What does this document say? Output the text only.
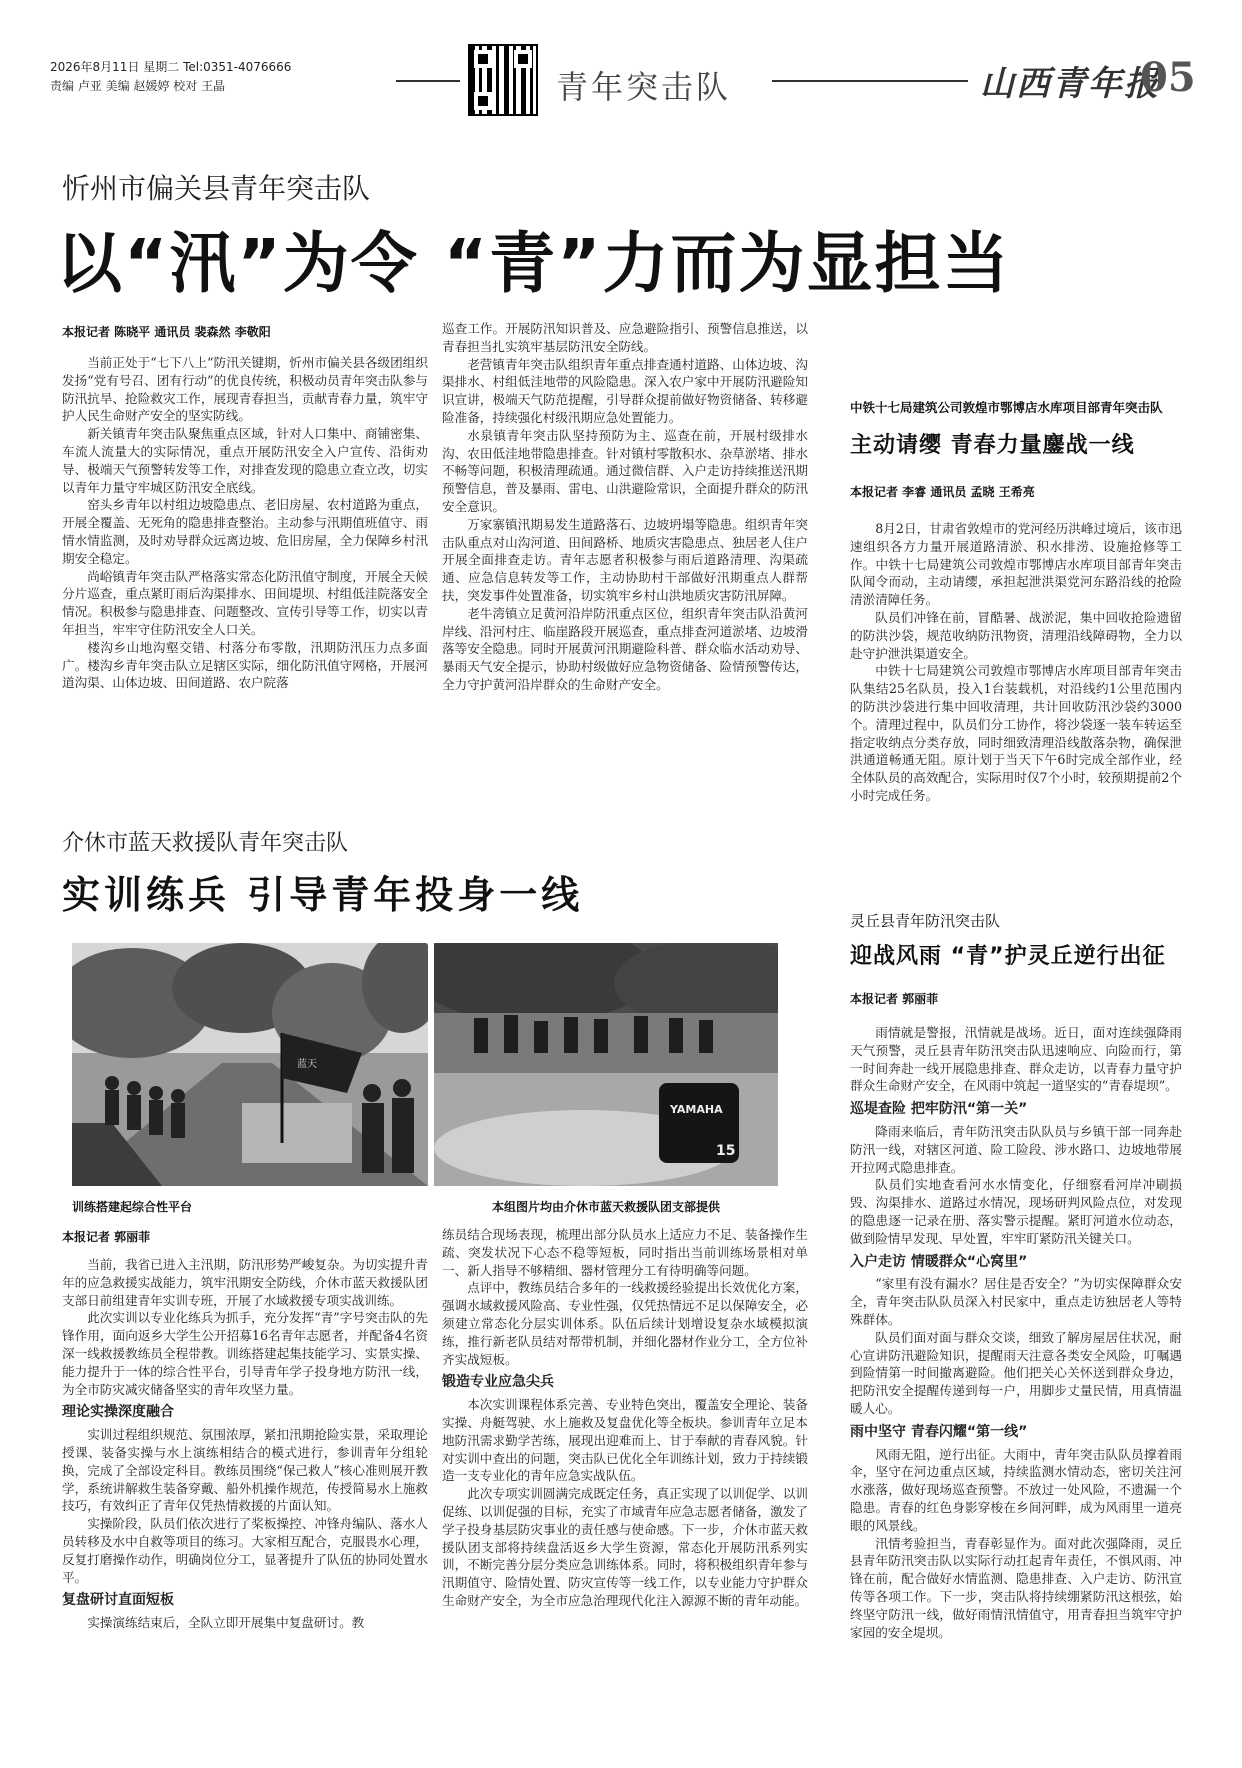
2026年8月11日 星期二 Tel:0351-4076666
责编 卢亚 美编 赵媛婷 校对 王晶	青年突击队	山西青年报
05
忻州市偏关县青年突击队
以“汛”为令 “青”力而为显担当
本报记者 陈晓平 通讯员 裴森然 李敬阳

当前正处于“七下八上”防汛关键期，忻州市偏关县各级团组织发扬“党有号召、团有行动”的优良传统，积极动员青年突击队参与防汛抗旱、抢险救灾工作，展现青春担当，贡献青春力量，筑牢守护人民生命财产安全的坚实防线。

新关镇青年突击队聚焦重点区域，针对人口集中、商铺密集、车流人流量大的实际情况，重点开展防汛安全入户宣传、沿街劝导、极端天气预警转发等工作，对排查发现的隐患立查立改，切实以青年力量守牢城区防汛安全底线。

窑头乡青年以村组边坡隐患点、老旧房屋、农村道路为重点，开展全覆盖、无死角的隐患排查整治。主动参与汛期值班值守、雨情水情监测，及时劝导群众远离边坡、危旧房屋，全力保障乡村汛期安全稳定。

尚峪镇青年突击队严格落实常态化防汛值守制度，开展全天候分片巡查，重点紧盯雨后沟渠排水、田间堤坝、村组低洼院落安全情况。积极参与隐患排查、问题整改、宣传引导等工作，切实以青年担当，牢牢守住防汛安全人口关。

楼沟乡山地沟壑交错、村落分布零散，汛期防汛压力点多面广。楼沟乡青年突击队立足辖区实际，细化防汛值守网格，开展河道沟渠、山体边坡、田间道路、农户院落

巡查工作。开展防汛知识普及、应急避险指引、预警信息推送，以青春担当扎实筑牢基层防汛安全防线。

老营镇青年突击队组织青年重点排查通村道路、山体边坡、沟渠排水、村组低洼地带的风险隐患。深入农户家中开展防汛避险知识宣讲，极端天气防范提醒，引导群众提前做好物资储备、转移避险准备，持续强化村级汛期应急处置能力。

水泉镇青年突击队坚持预防为主、巡查在前，开展村级排水沟、农田低洼地带隐患排查。针对镇村零散积水、杂草淤堵、排水不畅等问题，积极清理疏通。通过微信群、入户走访持续推送汛期预警信息，普及暴雨、雷电、山洪避险常识，全面提升群众的防汛安全意识。

万家寨镇汛期易发生道路落石、边坡坍塌等隐患。组织青年突击队重点对山沟河道、田间路桥、地质灾害隐患点、独居老人住户开展全面排查走访。青年志愿者积极参与雨后道路清理、沟渠疏通、应急信息转发等工作，主动协助村干部做好汛期重点人群帮扶，突发事件处置准备，切实筑牢乡村山洪地质灾害防汛屏障。

老牛湾镇立足黄河沿岸防汛重点区位，组织青年突击队沿黄河岸线、沿河村庄、临崖路段开展巡查，重点排查河道淤堵、边坡滑落等安全隐患。同时开展黄河汛期避险科普、群众临水活动劝导、暴雨天气安全提示，协助村级做好应急物资储备、险情预警传达，全力守护黄河沿岸群众的生命财产安全。

中铁十七局建筑公司敦煌市鄂博店水库项目部青年突击队
主动请缨 青春力量鏖战一线
本报记者 李睿 通讯员 孟晓 王希亮

8月2日，甘肃省敦煌市的党河经历洪峰过境后，该市迅速组织各方力量开展道路清淤、积水排涝、设施抢修等工作。中铁十七局建筑公司敦煌市鄂博店水库项目部青年突击队闻令而动，主动请缨，承担起泄洪渠党河东路沿线的抢险清淤清障任务。

队员们冲锋在前，冒酷暑、战淤泥，集中回收抢险遗留的防洪沙袋，规范收纳防汛物资，清理沿线障碍物，全力以赴守护泄洪渠道安全。

中铁十七局建筑公司敦煌市鄂博店水库项目部青年突击队集结25名队员，投入1台装载机，对沿线约1公里范围内的防洪沙袋进行集中回收清理，共计回收防汛沙袋约3000个。清理过程中，队员们分工协作，将沙袋逐一装车转运至指定收纳点分类存放，同时细致清理沿线散落杂物，确保泄洪通道畅通无阻。原计划于当天下午6时完成全部作业，经全体队员的高效配合，实际用时仅7个小时，较预期提前2个小时完成任务。

介休市蓝天救援队青年突击队
实训练兵 引导青年投身一线
蓝天
YAMAHA
15
训练搭建起综合性平台	本组图片均由介休市蓝天救援队团支部提供
本报记者 郭丽菲

当前，我省已进入主汛期，防汛形势严峻复杂。为切实提升青年的应急救援实战能力，筑牢汛期安全防线，介休市蓝天救援队团支部日前组建青年实训专班，开展了水域救援专项实战训练。

此次实训以专业化练兵为抓手，充分发挥“青”字号突击队的先锋作用，面向返乡大学生公开招募16名青年志愿者，并配备4名资深一线救援教练员全程带教。训练搭建起集技能学习、实景实操、能力提升于一体的综合性平台，引导青年学子投身地方防汛一线，为全市防灾减灾储备坚实的青年攻坚力量。

理论实操深度融合

实训过程组织规范、氛围浓厚，紧扣汛期抢险实景，采取理论授课、装备实操与水上演练相结合的模式进行，参训青年分组轮换，完成了全部设定科目。教练员围绕“保己救人”核心准则展开教学，系统讲解救生装备穿戴、船外机操作规范，传授简易水上施救技巧，有效纠正了青年仅凭热情救援的片面认知。

实操阶段，队员们依次进行了桨板操控、冲锋舟编队、落水人员转移及水中自救等项目的练习。大家相互配合，克服畏水心理，反复打磨操作动作，明确岗位分工，显著提升了队伍的协同处置水平。

复盘研讨直面短板

实操演练结束后，全队立即开展集中复盘研讨。教

练员结合现场表现，梳理出部分队员水上适应力不足、装备操作生疏、突发状况下心态不稳等短板，同时指出当前训练场景相对单一、新人指导不够精细、器材管理分工有待明确等问题。

点评中，教练员结合多年的一线救援经验提出长效优化方案，强调水域救援风险高、专业性强，仅凭热情远不足以保障安全，必须建立常态化分层实训体系。队伍后续计划增设复杂水域模拟演练，推行新老队员结对帮带机制，并细化器材作业分工，全方位补齐实战短板。

锻造专业应急尖兵

本次实训课程体系完善、专业特色突出，覆盖安全理论、装备实操、舟艇驾驶、水上施救及复盘优化等全板块。参训青年立足本地防汛需求勤学苦练，展现出迎难而上、甘于奉献的青春风貌。针对实训中查出的问题，突击队已优化全年训练计划，致力于持续锻造一支专业化的青年应急实战队伍。

此次专项实训圆满完成既定任务，真正实现了以训促学、以训促练、以训促强的目标，充实了市域青年应急志愿者储备，激发了学子投身基层防灾事业的责任感与使命感。下一步，介休市蓝天救援队团支部将持续盘活返乡大学生资源，常态化开展防汛系列实训，不断完善分层分类应急训练体系。同时，将积极组织青年参与汛期值守、险情处置、防灾宣传等一线工作，以专业能力守护群众生命财产安全，为全市应急治理现代化注入源源不断的青年动能。

灵丘县青年防汛突击队
迎战风雨 “青”护灵丘逆行出征
本报记者 郭丽菲

雨情就是警报，汛情就是战场。近日，面对连续强降雨天气预警，灵丘县青年防汛突击队迅速响应、向险而行，第一时间奔赴一线开展隐患排查、群众走访，以青春力量守护群众生命财产安全，在风雨中筑起一道坚实的“青春堤坝”。

巡堤查险 把牢防汛“第一关”

降雨来临后，青年防汛突击队队员与乡镇干部一同奔赴防汛一线，对辖区河道、险工险段、涉水路口、边坡地带展开拉网式隐患排查。

队员们实地查看河水水情变化，仔细察看河岸冲刷损毁、沟渠排水、道路过水情况，现场研判风险点位，对发现的隐患逐一记录在册、落实警示提醒。紧盯河道水位动态，做到险情早发现、早处置，牢牢盯紧防汛关键关口。

入户走访 情暖群众“心窝里”

“家里有没有漏水？居住是否安全？”为切实保障群众安全，青年突击队队员深入村民家中，重点走访独居老人等特殊群体。

队员们面对面与群众交谈，细致了解房屋居住状况，耐心宣讲防汛避险知识，提醒雨天注意各类安全风险，叮嘱遇到险情第一时间撤离避险。他们把关心关怀送到群众身边，把防汛安全提醒传递到每一户，用脚步丈量民情，用真情温暖人心。

雨中坚守 青春闪耀“第一线”

风雨无阻，逆行出征。大雨中，青年突击队队员撑着雨伞，坚守在河边重点区域，持续监测水情动态，密切关注河水涨落，做好现场巡查预警。不放过一处风险，不遗漏一个隐患。青春的红色身影穿梭在乡间河畔，成为风雨里一道亮眼的风景线。

汛情考验担当，青春彰显作为。面对此次强降雨，灵丘县青年防汛突击队以实际行动扛起青年责任，不惧风雨、冲锋在前，配合做好水情监测、隐患排查、入户走访、防汛宣传等各项工作。下一步，突击队将持续绷紧防汛这根弦，始终坚守防汛一线，做好雨情汛情值守，用青春担当筑牢守护家园的安全堤坝。
